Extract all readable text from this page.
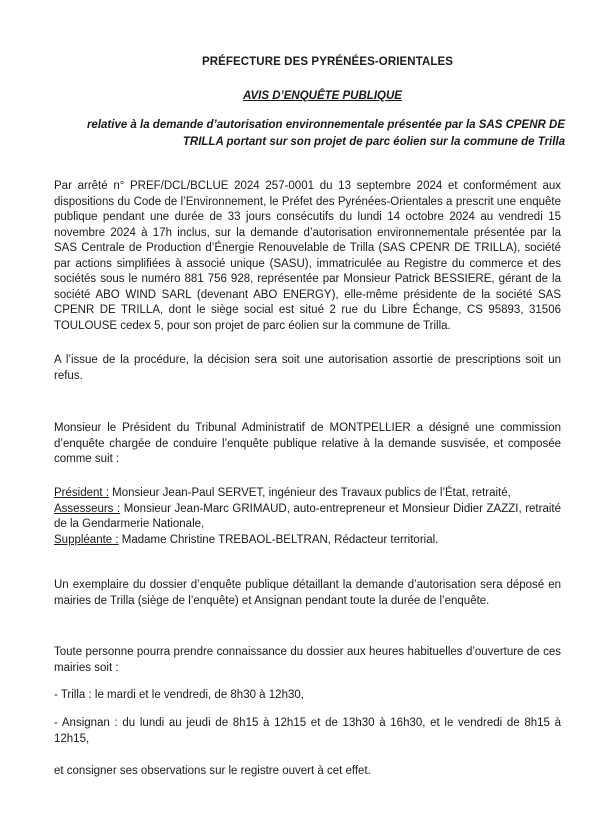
PRÉFECTURE DES PYRÉNÉES-ORIENTALES
AVIS D’ENQUÊTE PUBLIQUE
relative à la demande d’autorisation environnementale présentée par la SAS CPENR DE TRILLA portant sur son projet de parc éolien sur la commune de Trilla
Par arrêté n° PREF/DCL/BCLUE 2024 257-0001 du 13 septembre 2024 et conformément aux dispositions du Code de l’Environnement, le Préfet des Pyrénées-Orientales a prescrit une enquête publique pendant une durée de 33 jours consécutifs du lundi 14 octobre 2024 au vendredi 15 novembre 2024 à 17h inclus, sur la demande d’autorisation environnementale présentée par la SAS Centrale de Production d’Énergie Renouvelable de Trilla (SAS CPENR DE TRILLA), société par actions simplifiées à associé unique (SASU), immatriculée au Registre du commerce et des sociétés sous le numéro 881 756 928, représentée par Monsieur Patrick BESSIERE, gérant de la société ABO WIND SARL (devenant ABO ENERGY), elle-même présidente de la société SAS CPENR DE TRILLA, dont le siège social est situé 2 rue du Libre Échange, CS 95893, 31506 TOULOUSE cedex 5, pour son projet de parc éolien sur la commune de Trilla.
A l’issue de la procédure, la décision sera soit une autorisation assortie de prescriptions soit un refus.
Monsieur le Président du Tribunal Administratif de MONTPELLIER a désigné une commission d’enquête chargée de conduire l’enquête publique relative à la demande susvisée, et composée comme suit :
Président : Monsieur Jean-Paul SERVET, ingénieur des Travaux publics de l’État, retraité,
Assesseurs : Monsieur Jean-Marc GRIMAUD, auto-entrepreneur et Monsieur Didier ZAZZI, retraité de la Gendarmerie Nationale,
Suppléante : Madame Christine TREBAOL-BELTRAN, Rédacteur territorial.
Un exemplaire du dossier d’enquête publique détaillant la demande d’autorisation sera déposé en mairies de Trilla (siège de l’enquête) et Ansignan pendant toute la durée de l’enquête.
Toute personne pourra prendre connaissance du dossier aux heures habituelles d’ouverture de ces mairies soit :
- Trilla : le mardi et le vendredi, de 8h30 à 12h30,
- Ansignan : du lundi au jeudi de 8h15 à 12h15 et de 13h30 à 16h30, et le vendredi de 8h15 à 12h15,
et consigner ses observations sur le registre ouvert à cet effet.
